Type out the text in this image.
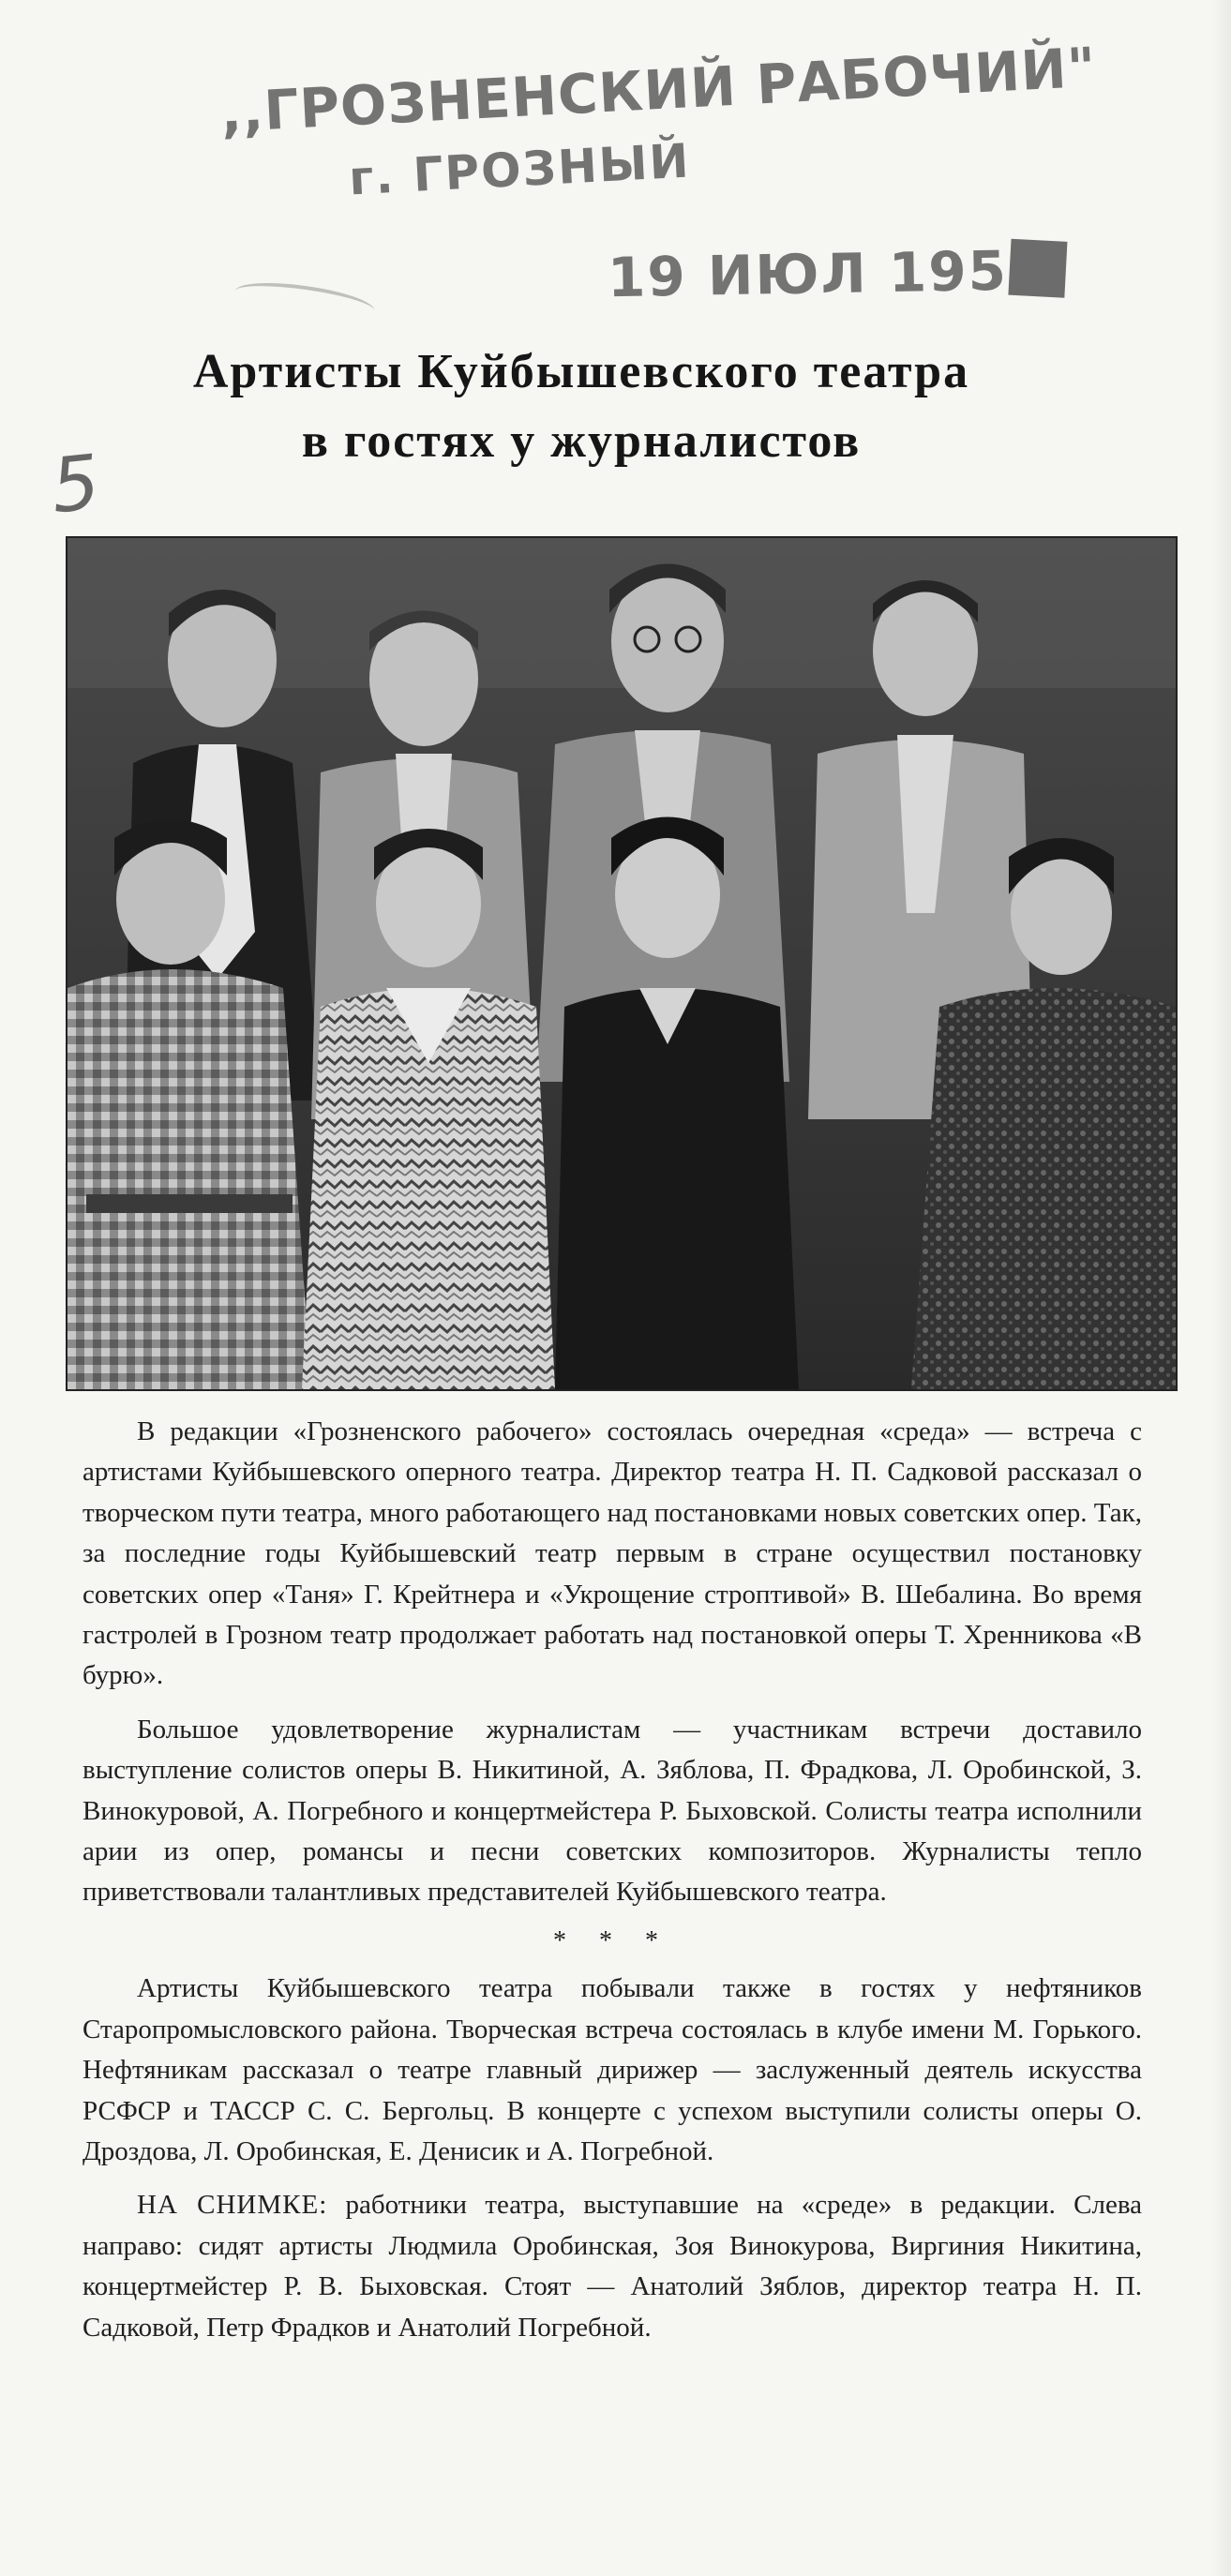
,,ГРОЗНЕНСКИЙ РАБОЧИЙ"
г. ГРОЗНЫЙ
19 ИЮЛ 195
5
Артисты Куйбышевского театра
в гостях у журналистов

В редакции «Грозненского рабочего» состоялась очередная «среда» — встреча с артистами Куйбышевского оперного театра. Директор театра Н. П. Садковой рассказал о творческом пути театра, много работающего над постановками новых советских опер. Так, за последние годы Куйбышевский театр первым в стране осуществил постановку советских опер «Таня» Г. Крейтнера и «Укрощение строптивой» В. Шебалина. Во время гастролей в Грозном театр продолжает работать над постановкой оперы Т. Хренникова «В бурю».

Большое удовлетворение журналистам — участникам встречи доставило выступление солистов оперы В. Никитиной, А. Зяблова, П. Фрадкова, Л. Оробинской, З. Винокуровой, А. Погребного и концертмейстера Р. Быховской. Солисты театра исполнили арии из опер, романсы и песни советских композиторов. Журналисты тепло приветствовали талантливых представителей Куйбышевского театра.

* * *

Артисты Куйбышевского театра побывали также в гостях у нефтяников Старопромысловского района. Творческая встреча состоялась в клубе имени М. Горького. Нефтяникам рассказал о театре главный дирижер — заслуженный деятель искусства РСФСР и ТАССР С. С. Бергольц. В концерте с успехом выступили солисты оперы О. Дроздова, Л. Оробинская, Е. Денисик и А. Погребной.

НА СНИМКЕ: работники театра, выступавшие на «среде» в редакции. Слева направо: сидят артисты Людмила Оробинская, Зоя Винокурова, Виргиния Никитина, концертмейстер Р. В. Быховская. Стоят — Анатолий Зяблов, директор театра Н. П. Садковой, Петр Фрадков и Анатолий Погребной.
